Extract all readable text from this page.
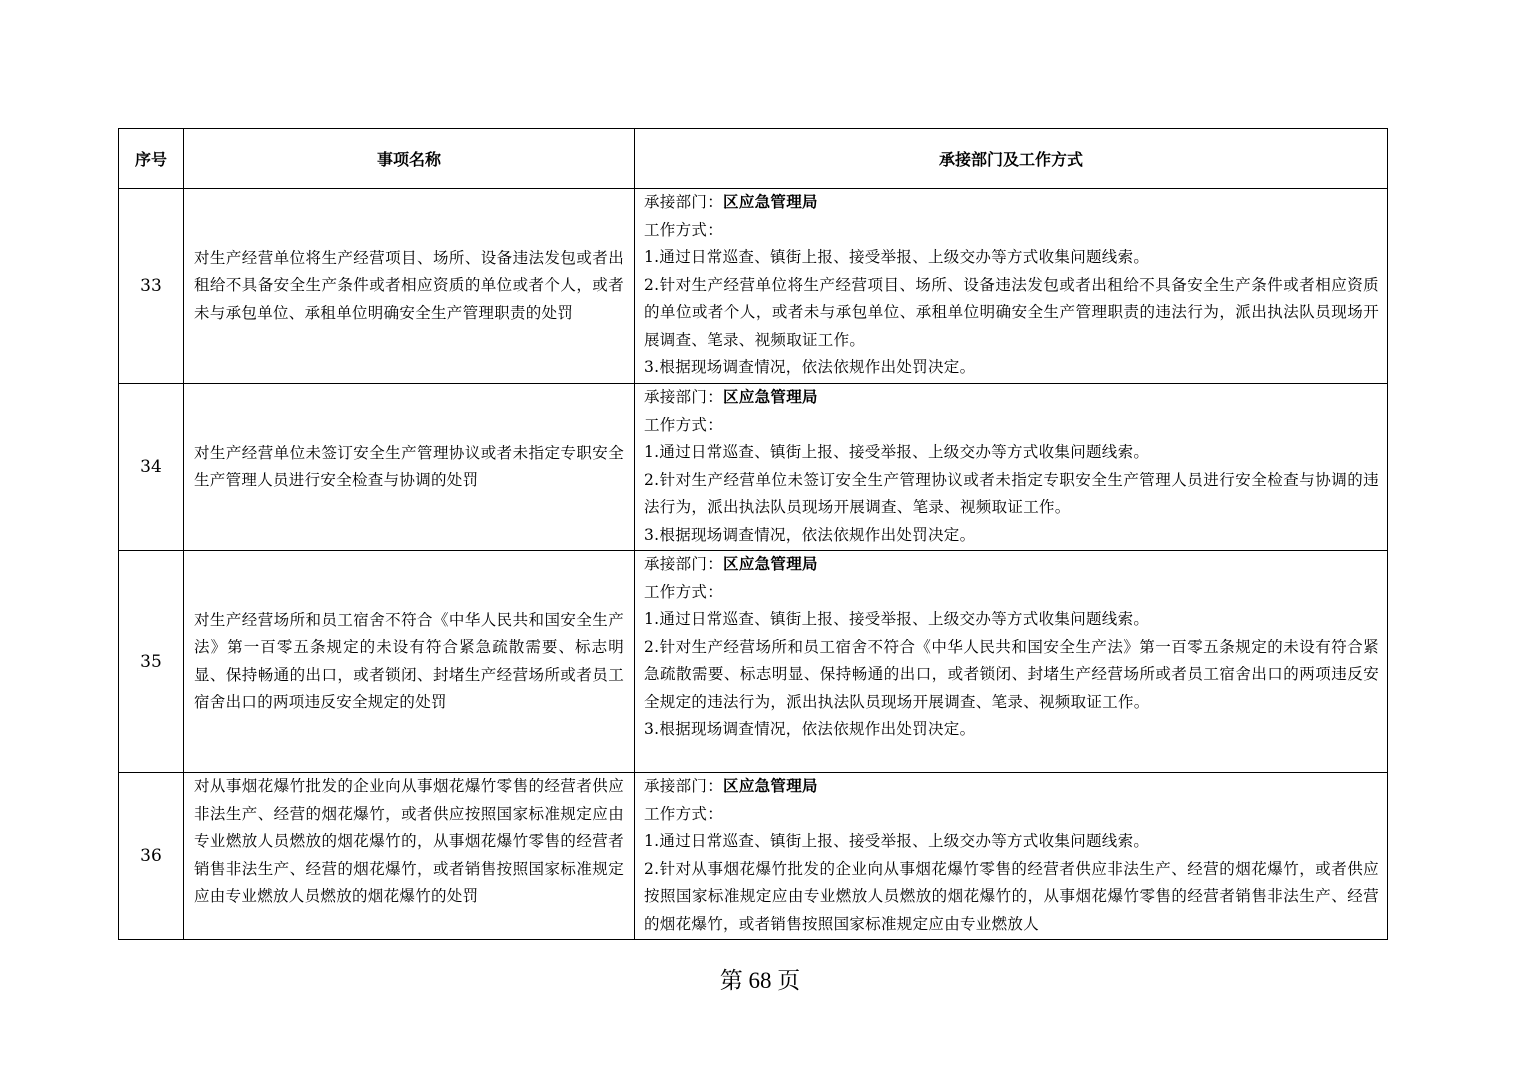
序号	事项名称	承接部门及工作方式
33	对生产经营单位将生产经营项目、场所、设备违法发包或者出租给不具备安全生产条件或者相应资质的单位或者个人，或者未与承包单位、承租单位明确安全生产管理职责的处罚	承接部门：区应急管理局
工作方式：
1.通过日常巡查、镇街上报、接受举报、上级交办等方式收集问题线索。
2.针对生产经营单位将生产经营项目、场所、设备违法发包或者出租给不具备安全生产条件或者相应资质的单位或者个人，或者未与承包单位、承租单位明确安全生产管理职责的违法行为，派出执法队员现场开展调查、笔录、视频取证工作。
3.根据现场调查情况，依法依规作出处罚决定。

34	对生产经营单位未签订安全生产管理协议或者未指定专职安全生产管理人员进行安全检查与协调的处罚	承接部门：区应急管理局
工作方式：
1.通过日常巡查、镇街上报、接受举报、上级交办等方式收集问题线索。
2.针对生产经营单位未签订安全生产管理协议或者未指定专职安全生产管理人员进行安全检查与协调的违法行为，派出执法队员现场开展调查、笔录、视频取证工作。
3.根据现场调查情况，依法依规作出处罚决定。

35	对生产经营场所和员工宿舍不符合《中华人民共和国安全生产法》第一百零五条规定的未设有符合紧急疏散需要、标志明显、保持畅通的出口，或者锁闭、封堵生产经营场所或者员工宿舍出口的两项违反安全规定的处罚	承接部门：区应急管理局
工作方式：
1.通过日常巡查、镇街上报、接受举报、上级交办等方式收集问题线索。
2.针对生产经营场所和员工宿舍不符合《中华人民共和国安全生产法》第一百零五条规定的未设有符合紧急疏散需要、标志明显、保持畅通的出口，或者锁闭、封堵生产经营场所或者员工宿舍出口的两项违反安全规定的违法行为，派出执法队员现场开展调查、笔录、视频取证工作。
3.根据现场调查情况，依法依规作出处罚决定。

36	对从事烟花爆竹批发的企业向从事烟花爆竹零售的经营者供应非法生产、经营的烟花爆竹，或者供应按照国家标准规定应由专业燃放人员燃放的烟花爆竹的，从事烟花爆竹零售的经营者销售非法生产、经营的烟花爆竹，或者销售按照国家标准规定应由专业燃放人员燃放的烟花爆竹的处罚	承接部门：区应急管理局
工作方式：
1.通过日常巡查、镇街上报、接受举报、上级交办等方式收集问题线索。
2.针对从事烟花爆竹批发的企业向从事烟花爆竹零售的经营者供应非法生产、经营的烟花爆竹，或者供应按照国家标准规定应由专业燃放人员燃放的烟花爆竹的，从事烟花爆竹零售的经营者销售非法生产、经营的烟花爆竹，或者销售按照国家标准规定应由专业燃放人
第 68 页
